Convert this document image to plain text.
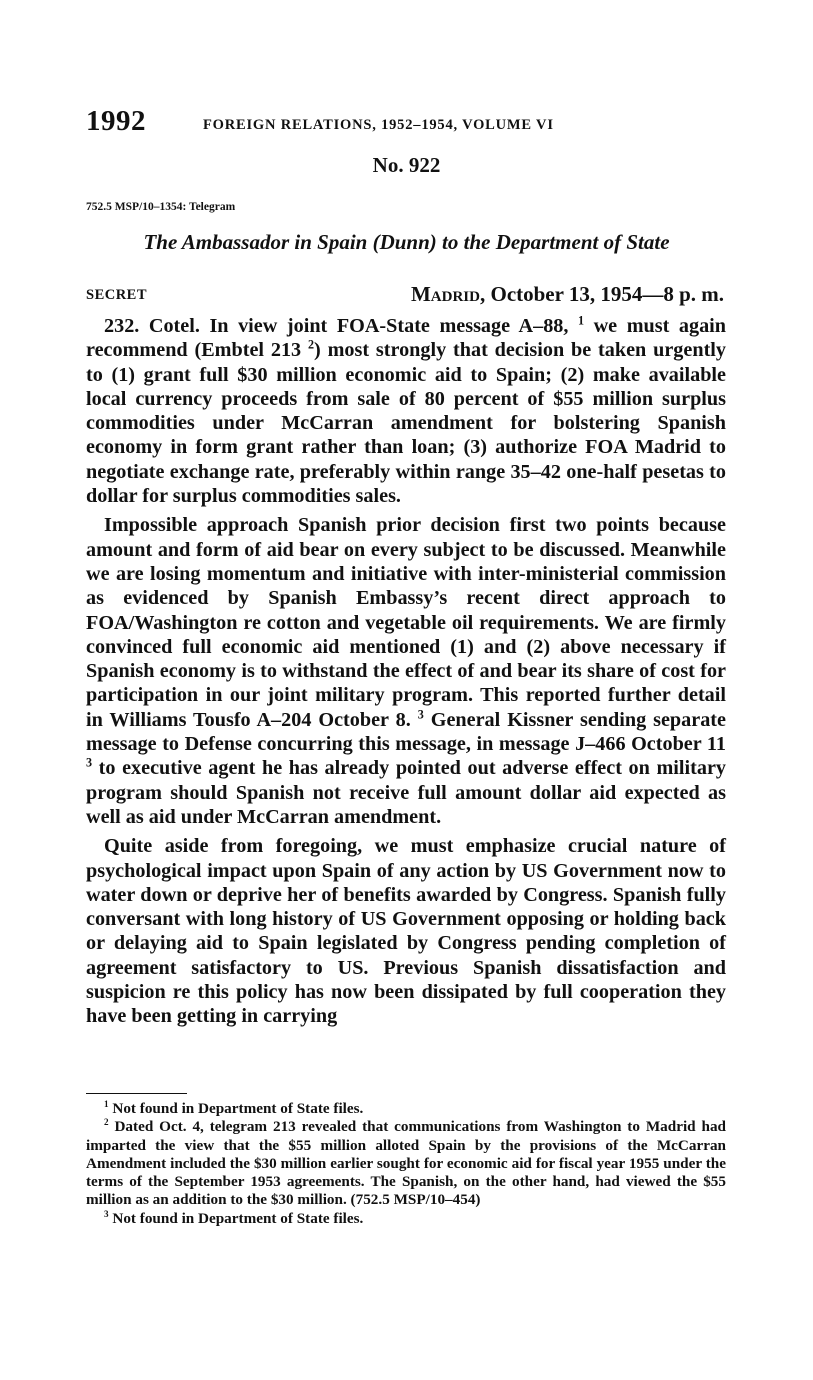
1992	FOREIGN RELATIONS, 1952–1954, VOLUME VI
No. 922
752.5 MSP/10–1354: Telegram
The Ambassador in Spain (Dunn) to the Department of State
SECRET	Madrid, October 13, 1954—8 p. m.

232. Cotel. In view joint FOA-State message A–88, $^1$ we must again recommend (Embtel 213 $^2$) most strongly that decision be taken urgently to (1) grant full $30 million economic aid to Spain; (2) make available local currency proceeds from sale of 80 percent of $55 million surplus commodities under McCarran amendment for bolstering Spanish economy in form grant rather than loan; (3) authorize FOA Madrid to negotiate exchange rate, preferably within range 35–42 one-half pesetas to dollar for surplus commodities sales.

Impossible approach Spanish prior decision first two points because amount and form of aid bear on every subject to be discussed. Meanwhile we are losing momentum and initiative with inter-ministerial commission as evidenced by Spanish Embassy’s recent direct approach to FOA/Washington re cotton and vegetable oil requirements. We are firmly convinced full economic aid mentioned (1) and (2) above necessary if Spanish economy is to withstand the effect of and bear its share of cost for participation in our joint military program. This reported further detail in Williams Tousfo A–204 October 8. $^3$ General Kissner sending separate message to Defense concurring this message, in message J–466 October 11 $^3$ to executive agent he has already pointed out adverse effect on military program should Spanish not receive full amount dollar aid expected as well as aid under McCarran amendment.

Quite aside from foregoing, we must emphasize crucial nature of psychological impact upon Spain of any action by US Government now to water down or deprive her of benefits awarded by Congress. Spanish fully conversant with long history of US Government opposing or holding back or delaying aid to Spain legislated by Congress pending completion of agreement satisfactory to US. Previous Spanish dissatisfaction and suspicion re this policy has now been dissipated by full cooperation they have been getting in carrying

$^1$ Not found in Department of State files.

$^2$ Dated Oct. 4, telegram 213 revealed that communications from Washington to Madrid had imparted the view that the $55 million alloted Spain by the provisions of the McCarran Amendment included the $30 million earlier sought for economic aid for fiscal year 1955 under the terms of the September 1953 agreements. The Spanish, on the other hand, had viewed the $55 million as an addition to the $30 million. (752.5 MSP/10–454)

$^3$ Not found in Department of State files.
